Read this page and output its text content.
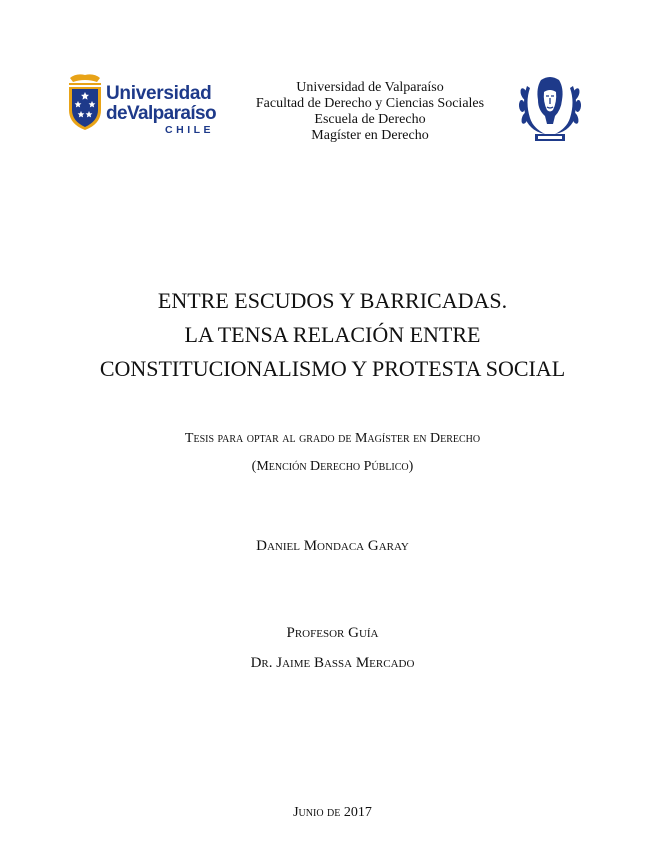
Universidad
deValparaíso
CHILE
Universidad de Valparaíso
Facultad de Derecho y Ciencias Sociales
Escuela de Derecho
Magíster en Derecho
ENTRE ESCUDOS Y BARRICADAS.
LA TENSA RELACIÓN ENTRE
CONSTITUCIONALISMO Y PROTESTA SOCIAL
Tesis para optar al grado de Magíster en Derecho
(Mención Derecho Público)
Daniel Mondaca Garay
Profesor Guía
Dr. Jaime Bassa Mercado
Junio de 2017
